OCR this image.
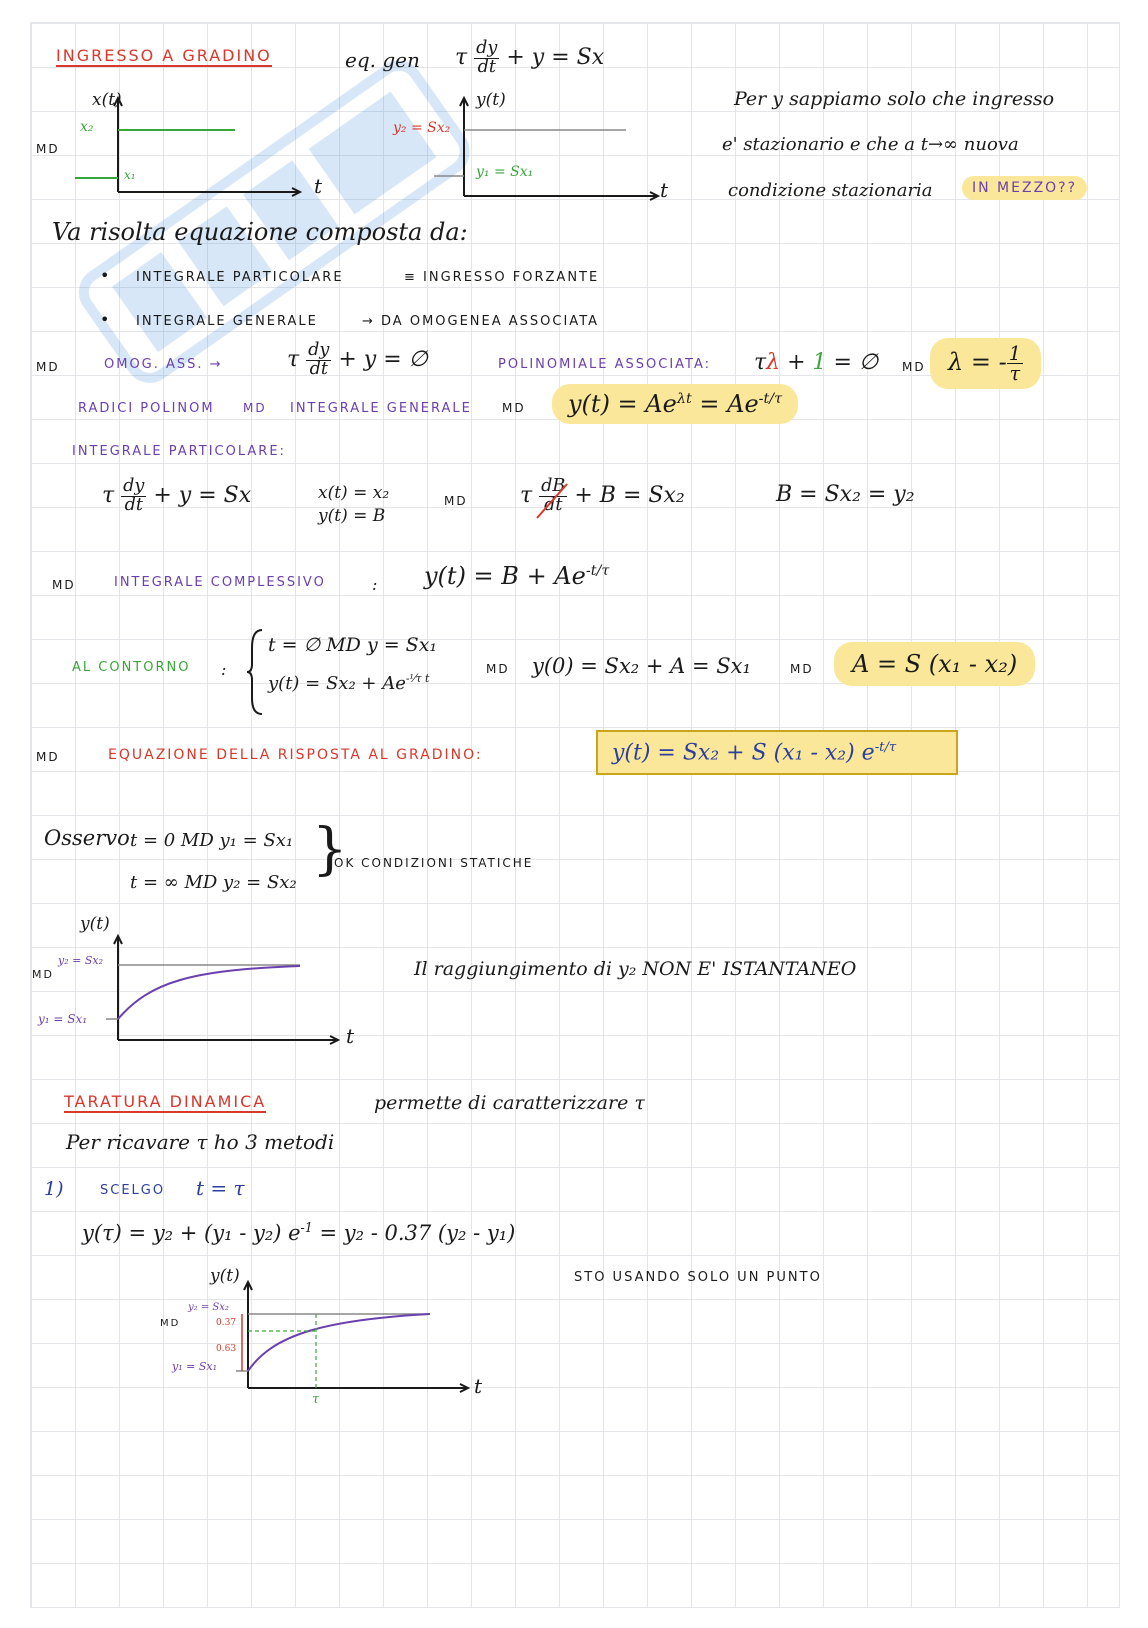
INGRESSO A GRADINO	eq. gen τ $\frac{dy}{dt} + y = Sx$
x(t)
x₂
x₁
MD
t
y(t)
y₂ = Sx₂
y₁ = Sx₁
t
Per y sappiamo solo che ingresso
e' stazionario e che a t→∞ nuova
condizione stazionaria	IN MEZZO??
Va risolta equazione composta da:
• INTEGRALE PARTICOLARE	≡ INGRESSO FORZANTE
• INTEGRALE GENERALE	→ DA OMOGENEA ASSOCIATA
MD	OMOG. ASS. →	τ $\frac{dy}{dt} + y$ = ∅	POLINOMIALE ASSOCIATA: τλ + 1 = ∅ MD λ = - $\frac{1}{\tau}$
RADICI POLINOM MD INTEGRALE GENERALE	MD	$y(t) = Ae^{\lambda t} = Ae^{-t/\tau}$
INTEGRALE PARTICOLARE:
τ $\frac{dy}{dt} + y = Sx$	x(t) = x₂
y(t) = B
MD τ $\frac{dB}{dt} + B = Sx_2$	B = Sx₂ = y₂
MD	INTEGRALE COMPLESSIVO	: $y(t) = B + Ae^{-t/\tau}$
AL CONTORNO :
t = ∅ MD y = Sx₁
$y(t) = Sx_2 + Ae^{-^1⁄\tau t}$
MD y(0) = Sx₂ + A = Sx₁	MD	A = S (x₁ - x₂)
MD	EQUAZIONE DELLA RISPOSTA AL GRADINO:	y(t) = Sx₂ + S (x₁ - x₂) $e^{-t/\tau}$
Osservo t = 0 MD y₁ = Sx₁
t = ∞ MD y₂ = Sx₂
}
OK CONDIZIONI STATICHE
y(t)
y₂ = Sx₂
y₁ = Sx₁
MD
t
Il raggiungimento di y₂ NON E' ISTANTANEO
TARATURA DINAMICA	permette di caratterizzare τ
Per ricavare τ ho 3 metodi
1)	SCELGO t = τ
y(τ) = y₂ + (y₁ - y₂) $e^{-1} = y_2 - 0.37$ (y₂ - y₁)
y(t)
y₂ = Sx₂
y₁ = Sx₁
MD	0.37
0.63
τ
t
STO USANDO SOLO UN PUNTO
